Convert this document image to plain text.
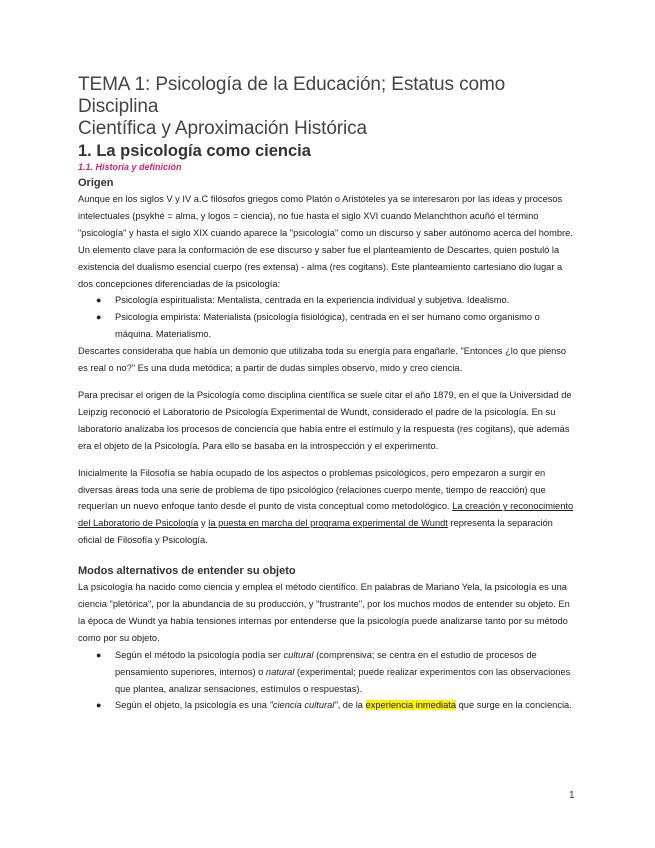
TEMA 1: Psicología de la Educación; Estatus como Disciplina
Científica y Aproximación Histórica
1. La psicología como ciencia
1.1. Historia y definición
Origen

Aunque en los siglos V y IV a.C filósofos griegos como Platón o Aristóteles ya se interesaron por las ideas y procesos intelectuales (psykhé = alma, y logos = ciencia), no fue hasta el siglo XVI cuando Melanchthon acuñó el término "psicología" y hasta el siglo XIX cuando aparece la "psicología" como un discurso y saber autónomo acerca del hombre. Un elemento clave para la conformación de ese discurso y saber fue el planteamiento de Descartes, quien postuló la existencia del dualismo esencial cuerpo (res extensa) - alma (res cogitans). Este planteamiento cartesiano dio lugar a dos concepciones diferenciadas de la psicología:

● Psicología espiritualista: Mentalista, centrada en la experiencia individual y subjetiva. Idealismo.
● Psicología empirista: Materialista (psicología fisiológica), centrada en el ser humano como organismo o máquina. Materialismo.

Descartes consideraba que había un demonio que utilizaba toda su energía para engañarle. "Entonces ¿lo que pienso es real o no?" Es una duda metódica; a partir de dudas simples observo, mido y creo ciencia.

Para precisar el origen de la Psicología como disciplina científica se suele citar el año 1879, en el que la Universidad de Leipzig reconoció el Laboratorio de Psicología Experimental de Wundt, considerado el padre de la psicología. En su laboratorio analizaba los procesos de conciencia que había entre el estímulo y la respuesta (res cogitans), que además era el objeto de la Psicología. Para ello se basaba en la introspección y el experimento.

Inicialmente la Filosofía se había ocupado de los aspectos o problemas psicológicos, pero empezaron a surgir en diversas áreas toda una serie de problema de tipo psicológico (relaciones cuerpo mente, tiempo de reacción) que requerían un nuevo enfoque tanto desde el punto de vista conceptual como metodológico. La creación y reconocimiento del Laboratorio de Psicología y la puesta en marcha del programa experimental de Wundt representa la separación oficial de Filosofía y Psicología.

Modos alternativos de entender su objeto

La psicología ha nacido como ciencia y emplea el método científico. En palabras de Mariano Yela, la psicología es una ciencia "pletórica", por la abundancia de su producción, y "frustrante", por los muchos modos de entender su objeto. En la época de Wundt ya había tensiones internas por entenderse que la psicología puede analizarse tanto por su método como por su objeto.

● Según el método la psicología podía ser cultural (comprensiva; se centra en el estudio de procesos de pensamiento superiores, internos) o natural (experimental; puede realizar experimentos con las observaciones que plantea, analizar sensaciones, estímulos o respuestas).
● Según el objeto, la psicología es una "ciencia cultural", de la experiencia inmediata que surge en la conciencia.
1
